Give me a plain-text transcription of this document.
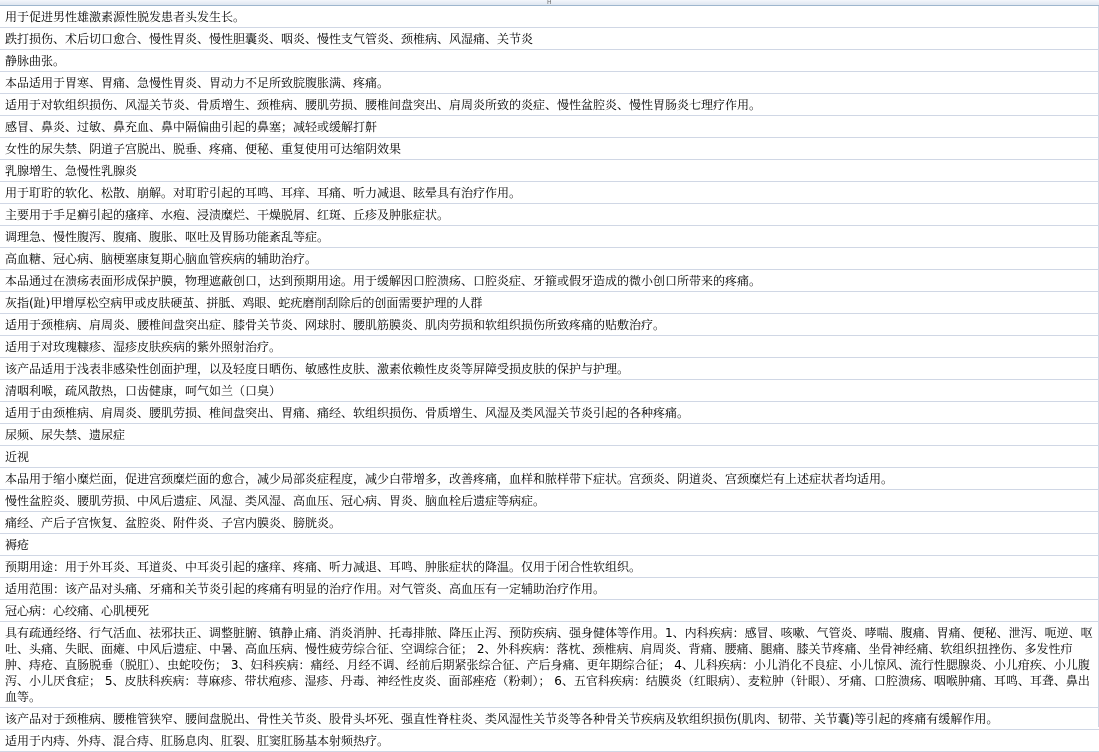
H
用于促进男性雄激素源性脱发患者头发生长。
跌打损伤、术后切口愈合、慢性胃炎、慢性胆囊炎、咽炎、慢性支气管炎、颈椎病、风湿痛、关节炎
静脉曲张。
本品适用于胃寒、胃痛、急慢性胃炎、胃动力不足所致脘腹胀满、疼痛。
适用于对软组织损伤、风湿关节炎、骨质增生、颈椎病、腰肌劳损、腰椎间盘突出、肩周炎所致的炎症、慢性盆腔炎、慢性胃肠炎七理疗作用。
感冒、鼻炎、过敏、鼻充血、鼻中隔偏曲引起的鼻塞；减轻或缓解打鼾
女性的尿失禁、阴道子宫脱出、脱垂、疼痛、便秘、重复使用可达缩阴效果
乳腺增生、急慢性乳腺炎
用于耵聍的软化、松散、崩解。对耵聍引起的耳鸣、耳痒、耳痛、听力减退、眩晕具有治疗作用。
主要用于手足癣引起的瘙痒、水疱、浸渍糜烂、干燥脱屑、红斑、丘疹及肿胀症状。
调理急、慢性腹泻、腹痛、腹胀、呕吐及胃肠功能紊乱等症。
高血糖、冠心病、脑梗塞康复期心脑血管疾病的辅助治疗。
本品通过在溃疡表面形成保护膜，物理遮蔽创口，达到预期用途。用于缓解因口腔溃疡、口腔炎症、牙箍或假牙造成的微小创口所带来的疼痛。
灰指(趾)甲增厚松空病甲或皮肤硬茧、拼胝、鸡眼、蛇疣磨削刮除后的创面需要护理的人群
适用于颈椎病、肩周炎、腰椎间盘突出症、膝骨关节炎、网球肘、腰肌筋膜炎、肌肉劳损和软组织损伤所致疼痛的贴敷治疗。
适用于对玫瑰糠疹、湿疹皮肤疾病的紫外照射治疗。
该产品适用于浅表非感染性创面护理，以及轻度日晒伤、敏感性皮肤、激素依赖性皮炎等屏障受损皮肤的保护与护理。
清咽利喉，疏风散热，口齿健康，呵气如兰（口臭）
适用于由颈椎病、肩周炎、腰肌劳损、椎间盘突出、胃痛、痛经、软组织损伤、骨质增生、风湿及类风湿关节炎引起的各种疼痛。
尿频、尿失禁、遗尿症
近视
本品用于缩小糜烂面，促进宫颈糜烂面的愈合，减少局部炎症程度，减少白带增多，改善疼痛，血样和脓样带下症状。宫颈炎、阴道炎、宫颈糜烂有上述症状者均适用。
慢性盆腔炎、腰肌劳损、中风后遗症、风湿、类风湿、高血压、冠心病、胃炎、脑血栓后遗症等病症。
痛经、产后子宫恢复、盆腔炎、附件炎、子宫内膜炎、膀胱炎。
褥疮
预期用途：用于外耳炎、耳道炎、中耳炎引起的瘙痒、疼痛、听力减退、耳鸣、肿胀症状的降温。仅用于闭合性软组织。
适用范围：该产品对头痛、牙痛和关节炎引起的疼痛有明显的治疗作用。对气管炎、高血压有一定辅助治疗作用。
冠心病：心绞痛、心肌梗死
具有疏通经络、行气活血、祛邪扶正、调整脏腑、镇静止痛、消炎消肿、托毒排脓、降压止泻、预防疾病、强身健体等作用。1、内科疾病：感冒、咳嗽、气管炎、哮喘、腹痛、胃痛、便秘、泄泻、呃逆、呕吐、头痛、失眠、面瘫、中风后遗症、中暑、高血压病、慢性疲劳综合征、空调综合征； 2、外科疾病：落枕、颈椎病、肩周炎、背痛、腰痛、腿痛、膝关节疼痛、坐骨神经痛、软组织扭挫伤、多发性疖肿、痔疮、直肠脱垂（脱肛）、虫蛇咬伤； 3、妇科疾病：痛经、月经不调、经前后期紧张综合征、产后身痛、更年期综合征； 4、儿科疾病：小儿消化不良症、小儿惊风、流行性腮腺炎、小儿疳疾、小儿腹泻、小儿厌食症； 5、皮肤科疾病：荨麻疹、带状疱疹、湿疹、丹毒、神经性皮炎、面部痤疮（粉刺）； 6、五官科疾病：结膜炎（红眼病）、麦粒肿（针眼）、牙痛、口腔溃疡、咽喉肿痛、耳鸣、耳聋、鼻出血等。
该产品对于颈椎病、腰椎管狭窄、腰间盘脱出、骨性关节炎、股骨头坏死、强直性脊柱炎、类风湿性关节炎等各种骨关节疾病及软组织损伤(肌肉、韧带、关节囊)等引起的疼痛有缓解作用。
适用于内痔、外痔、混合痔、肛肠息肉、肛裂、肛窦肛肠基本射频热疗。
